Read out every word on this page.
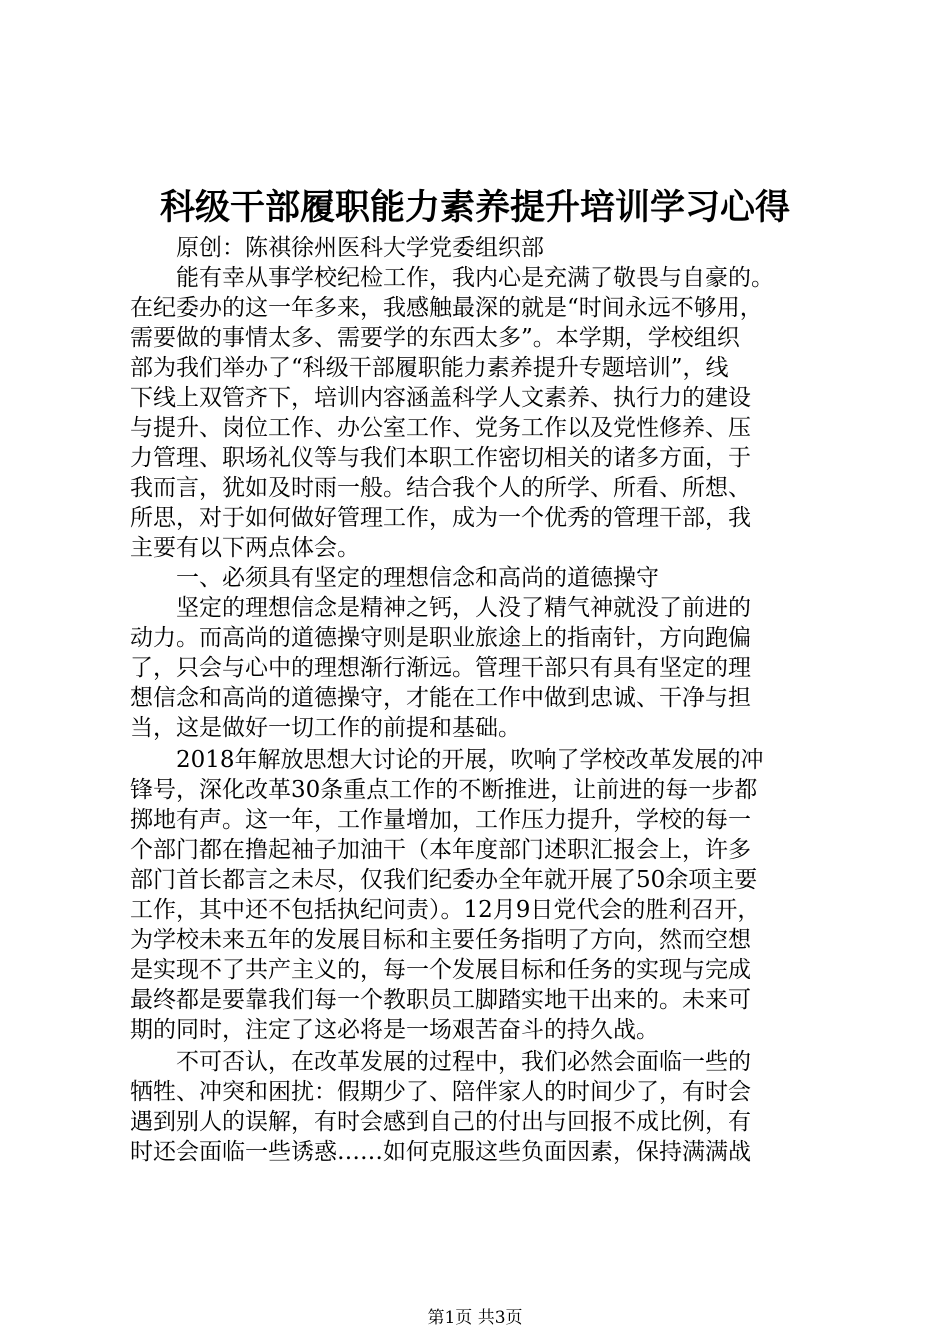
科级干部履职能力素养提升培训学习心得
　　原创：陈祺徐州医科大学党委组织部
　　能有幸从事学校纪检工作，我内心是充满了敬畏与自豪的。
在纪委办的这一年多来，我感触最深的就是“时间永远不够用，
需要做的事情太多、需要学的东西太多”。本学期，学校组织
部为我们举办了“科级干部履职能力素养提升专题培训”，线
下线上双管齐下，培训内容涵盖科学人文素养、执行力的建设
与提升、岗位工作、办公室工作、党务工作以及党性修养、压
力管理、职场礼仪等与我们本职工作密切相关的诸多方面，于
我而言，犹如及时雨一般。结合我个人的所学、所看、所想、
所思，对于如何做好管理工作，成为一个优秀的管理干部，我
主要有以下两点体会。
　　一、必须具有坚定的理想信念和高尚的道德操守
　　坚定的理想信念是精神之钙，人没了精气神就没了前进的
动力。而高尚的道德操守则是职业旅途上的指南针，方向跑偏
了，只会与心中的理想渐行渐远。管理干部只有具有坚定的理
想信念和高尚的道德操守，才能在工作中做到忠诚、干净与担
当，这是做好一切工作的前提和基础。
　　2018年解放思想大讨论的开展，吹响了学校改革发展的冲
锋号，深化改革30条重点工作的不断推进，让前进的每一步都
掷地有声。这一年，工作量增加，工作压力提升，学校的每一
个部门都在撸起袖子加油干（本年度部门述职汇报会上，许多
部门首长都言之未尽，仅我们纪委办全年就开展了50余项主要
工作，其中还不包括执纪问责）。12月9日党代会的胜利召开，
为学校未来五年的发展目标和主要任务指明了方向，然而空想
是实现不了共产主义的，每一个发展目标和任务的实现与完成
最终都是要靠我们每一个教职员工脚踏实地干出来的。未来可
期的同时，注定了这必将是一场艰苦奋斗的持久战。
　　不可否认，在改革发展的过程中，我们必然会面临一些的
牺牲、冲突和困扰：假期少了、陪伴家人的时间少了，有时会
遇到别人的误解，有时会感到自己的付出与回报不成比例，有
时还会面临一些诱惑……如何克服这些负面因素，保持满满战
第1页 共3页
